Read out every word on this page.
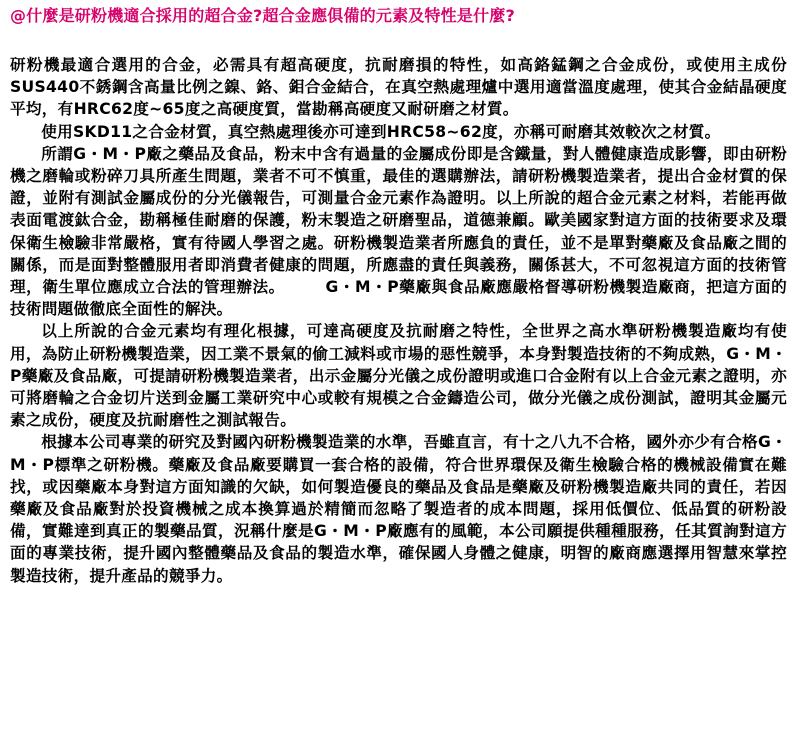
@什麼是研粉機適合採用的超合金?超合金應俱備的元素及特性是什麼?

研粉機最適合選用的合金，必需具有超高硬度，抗耐磨損的特性，如高鉻錳鋼之合金成份，或使用主成份SUS440不銹鋼含高量比例之鎳、鉻、鉬合金結合，在真空熱處理爐中選用適當溫度處理，使其合金結晶硬度平均，有HRC62度~65度之高硬度質，當勘稱高硬度又耐研磨之材質。

使用SKD11之合金材質，真空熱處理後亦可達到HRC58~62度，亦稱可耐磨其效較次之材質。

所謂G・M・P廠之藥品及食品，粉末中含有過量的金屬成份即是含鐵量，對人體健康造成影響，即由研粉機之磨輪或粉碎刀具所產生問題，業者不可不慎重，最佳的選購辦法，請研粉機製造業者，提出合金材質的保證，並附有測試金屬成份的分光儀報告，可測量合金元素作為證明。以上所說的超合金元素之材料，若能再做表面電渡鈦合金，勘稱極佳耐磨的保護，粉末製造之研磨聖品，道德兼顧。歐美國家對這方面的技術要求及環保衛生檢驗非常嚴格，實有待國人學習之處。研粉機製造業者所應負的責任，並不是單對藥廠及食品廠之間的關係，而是面對整體服用者即消費者健康的問題，所應盡的責任與義務，關係甚大，不可忽視這方面的技術管理，衛生單位應成立合法的管理辦法。　　　G・M・P藥廠與食品廠應嚴格督導研粉機製造廠商，把這方面的技術問題做徹底全面性的解決。

以上所說的合金元素均有理化根據，可達高硬度及抗耐磨之特性，全世界之高水準研粉機製造廠均有使用，為防止研粉機製造業，因工業不景氣的偷工減料或市場的惡性競爭，本身對製造技術的不夠成熟，G・M・P藥廠及食品廠，可提請研粉機製造業者，出示金屬分光儀之成份證明或進口合金附有以上合金元素之證明，亦可將磨輪之合金切片送到金屬工業研究中心或較有規模之合金鑄造公司，做分光儀之成份測試，證明其金屬元素之成份，硬度及抗耐磨性之測試報告。

根據本公司專業的研究及對國內研粉機製造業的水準，吾雖直言，有十之八九不合格，國外亦少有合格G・M・P標準之研粉機。藥廠及食品廠要購買一套合格的設備，符合世界環保及衛生檢驗合格的機械設備實在難找，或因藥廠本身對這方面知識的欠缺，如何製造優良的藥品及食品是藥廠及研粉機製造廠共同的責任，若因藥廠及食品廠對於投資機械之成本換算過於精簡而忽略了製造者的成本問題，採用低價位、低品質的研粉設備，實難達到真正的製藥品質，況稱什麼是G・M・P廠應有的風範，本公司願提供種種服務，任其質詢對這方面的專業技術，提升國內整體藥品及食品的製造水準，確保國人身體之健康，明智的廠商應選擇用智慧來掌控製造技術，提升產品的競爭力。
